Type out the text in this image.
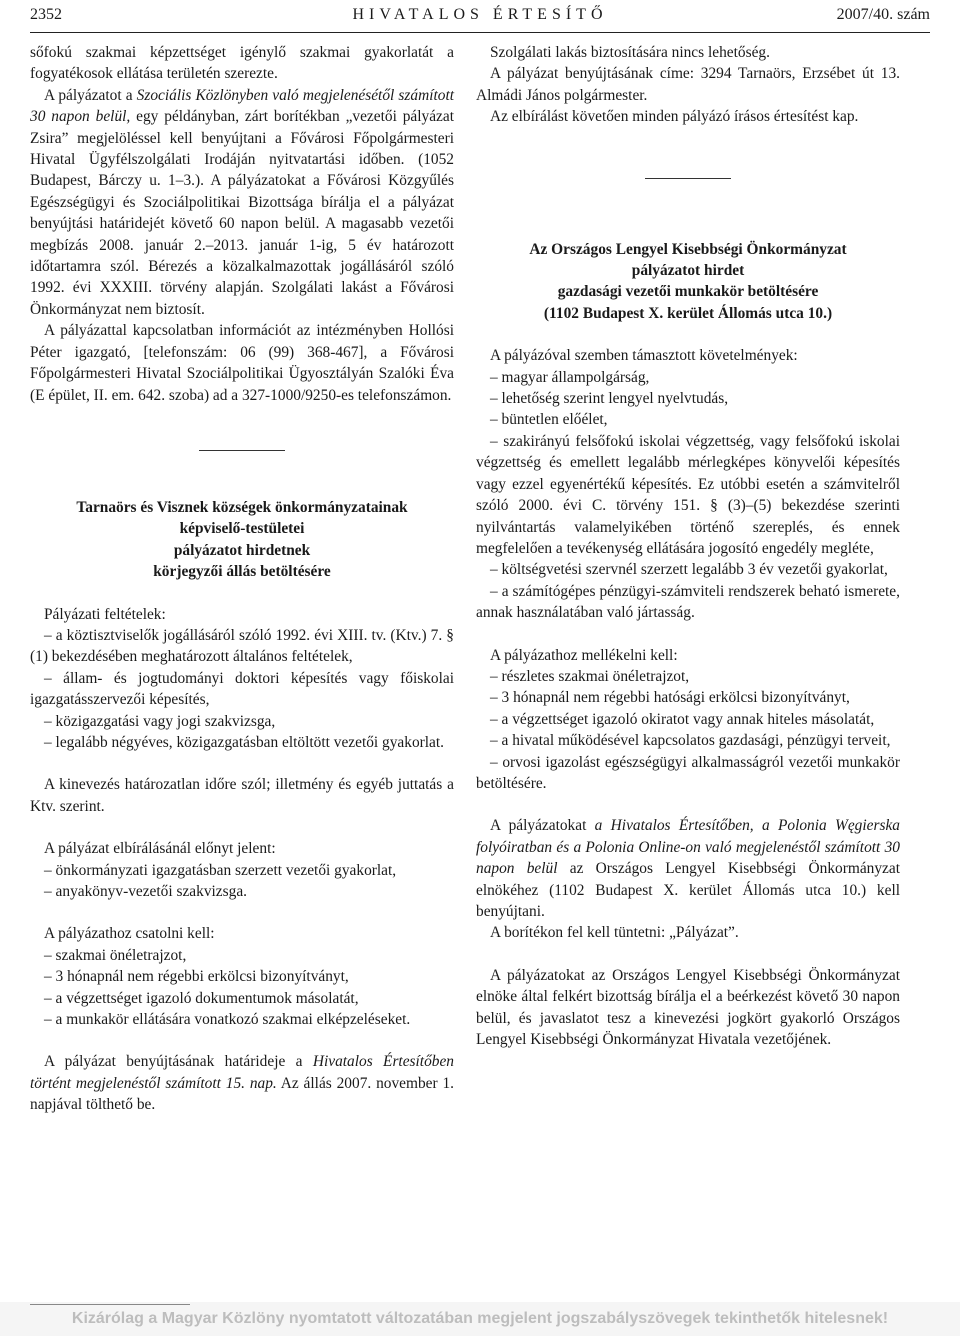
2352	HIVATALOS ÉRTESÍTŐ	2007/40. szám

sőfokú szakmai képzettséget igénylő szakmai gyakorlatát a fogyatékosok ellátása területén szerezte.

A pályázatot a Szociális Közlönyben való megjelenésétől számított 30 napon belül, egy példányban, zárt borítékban „vezetői pályázat Zsira” megjelöléssel kell benyújtani a Fővárosi Főpolgármesteri Hivatal Ügyfélszolgálati Irodáján nyitvatartási időben. (1052 Budapest, Bárczy u. 1–3.). A pályázatokat a Fővárosi Közgyűlés Egészségügyi és Szociálpolitikai Bizottsága bírálja el a pályázat benyújtási határidejét követő 60 napon belül. A magasabb vezetői megbízás 2008. január 2.–2013. január 1-ig, 5 év határozott időtartamra szól. Bérezés a közalkalmazottak jogállásáról szóló 1992. évi XXXIII. törvény alapján. Szolgálati lakást a Fővárosi Önkormányzat nem biztosít.

A pályázattal kapcsolatban információt az intézményben Hollósi Péter igazgató, [telefonszám: 06 (99) 368-467], a Fővárosi Főpolgármesteri Hivatal Szociálpolitikai Ügyosztályán Szalóki Éva (E épület, II. em. 642. szoba) ad a 327-1000/9250-es telefonszámon.

Tarnaörs és Visznek községek önkormányzatainak
képviselő-testületei
pályázatot hirdetnek
körjegyzői állás betöltésére

Pályázati feltételek:

– a köztisztviselők jogállásáról szóló 1992. évi XIII. tv. (Ktv.) 7. § (1) bekezdésében meghatározott általános feltételek,

– állam- és jogtudományi doktori képesítés vagy főiskolai igazgatásszervezői képesítés,

– közigazgatási vagy jogi szakvizsga,

– legalább négyéves, közigazgatásban eltöltött vezetői gyakorlat.

A kinevezés határozatlan időre szól; illetmény és egyéb juttatás a Ktv. szerint.

A pályázat elbírálásánál előnyt jelent:

– önkormányzati igazgatásban szerzett vezetői gyakorlat,

– anyakönyv-vezetői szakvizsga.

A pályázathoz csatolni kell:

– szakmai önéletrajzot,

– 3 hónapnál nem régebbi erkölcsi bizonyítványt,

– a végzettséget igazoló dokumentumok másolatát,

– a munkakör ellátására vonatkozó szakmai elképzeléseket.

A pályázat benyújtásának határideje a Hivatalos Értesítőben történt megjelenéstől számított 15. nap. Az állás 2007. november 1. napjával tölthető be.

Szolgálati lakás biztosítására nincs lehetőség.

A pályázat benyújtásának címe: 3294 Tarnaörs, Erzsébet út 13. Almádi János polgármester.

Az elbírálást követően minden pályázó írásos értesítést kap.

Az Országos Lengyel Kisebbségi Önkormányzat
pályázatot hirdet
gazdasági vezetői munkakör betöltésére
(1102 Budapest X. kerület Állomás utca 10.)

A pályázóval szemben támasztott követelmények:

– magyar állampolgárság,

– lehetőség szerint lengyel nyelvtudás,

– büntetlen előélet,

– szakirányú felsőfokú iskolai végzettség, vagy felsőfokú iskolai végzettség és emellett legalább mérlegképes könyvelői képesítés vagy ezzel egyenértékű képesítés. Ez utóbbi esetén a számvitelről szóló 2000. évi C. törvény 151. § (3)–(5) bekezdése szerinti nyilvántartás valamelyikében történő szereplés, és ennek megfelelően a tevékenység ellátására jogosító engedély megléte,

– költségvetési szervnél szerzett legalább 3 év vezetői gyakorlat,

– a számítógépes pénzügyi-számviteli rendszerek beható ismerete, annak használatában való jártasság.

A pályázathoz mellékelni kell:

– részletes szakmai önéletrajzot,

– 3 hónapnál nem régebbi hatósági erkölcsi bizonyítványt,

– a végzettséget igazoló okiratot vagy annak hiteles másolatát,

– a hivatal működésével kapcsolatos gazdasági, pénzügyi terveit,

– orvosi igazolást egészségügyi alkalmasságról vezetői munkakör betöltésére.

A pályázatokat a Hivatalos Értesítőben, a Polonia Węgierska folyóiratban és a Polonia Online-on való megjelenéstől számított 30 napon belül az Országos Lengyel Kisebbségi Önkormányzat elnökéhez (1102 Budapest X. kerület Állomás utca 10.) kell benyújtani.

A borítékon fel kell tüntetni: „Pályázat”.

A pályázatokat az Országos Lengyel Kisebbségi Önkormányzat elnöke által felkért bizottság bírálja el a beérkezést követő 30 napon belül, és javaslatot tesz a kinevezési jogkört gyakorló Országos Lengyel Kisebbségi Önkormányzat Hivatala vezetőjének.

Kizárólag a Magyar Közlöny nyomtatott változatában megjelent jogszabályszövegek tekinthetők hitelesnek!
